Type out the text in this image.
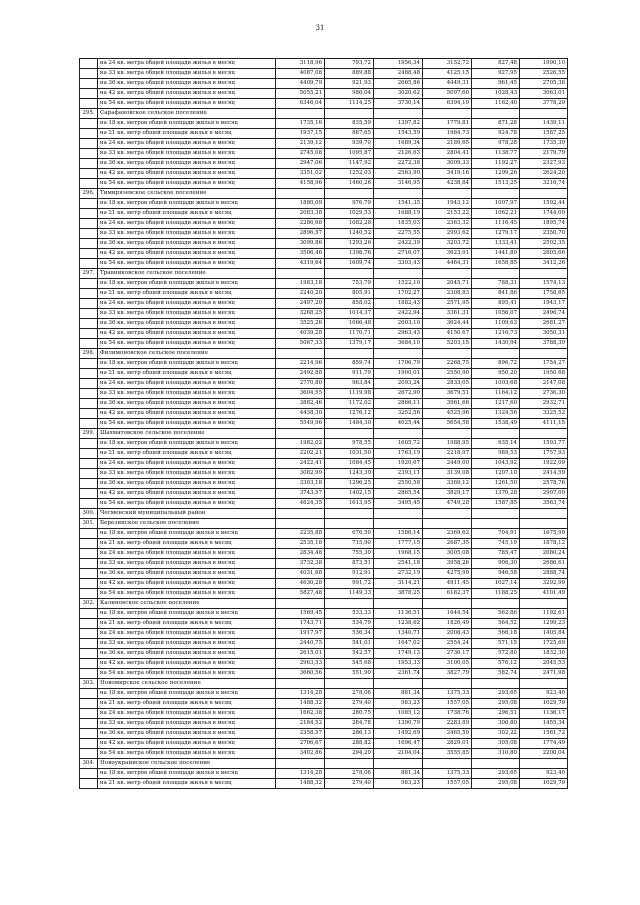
31
	на 24 кв. метра общей площади жилья в месяц	3118,96	793,72	1956,34	3152,72	827,48	1990,10
	на 33 кв. метра общей площади жилья в месяц	4087,08	889,88	2488,48	4125,15	927,95	2526,55
	на 36 кв. метра общей площади жилья в месяц	4409,79	921,93	2665,86	4449,31	961,45	2705,38
	на 42 кв. метра общей площади жилья в месяц	5055,21	986,04	3020,62	5097,60	1028,43	3063,01
	на 54 кв. метра общей площади жилья в месяц	6346,04	1114,25	3730,14	6394,19	1162,40	3778,29
295.	Сарафановское сельское поселение						
	на 18 кв. метров общей площади жилья в месяц	1735,16	835,59	1397,82	1779,81	871,28	1439,11
	на 21 кв. метр общей площади жилья в месяц	1937,15	887,65	1543,59	1984,73	924,78	1587,25
	на 24 кв. метра общей площади жилья в месяц	2139,12	939,70	1689,34	2189,65	978,28	1735,39
	на 33 кв. метра общей площади жилья в месяц	2745,08	1095,87	2126,63	2804,41	1138,77	2179,79
	на 36 кв. метра общей площади жилья в месяц	2947,06	1147,92	2272,38	3009,33	1192,27	2327,93
	на 42 кв. метра общей площади жилья в месяц	3351,02	1252,03	2563,90	3419,16	1299,26	2624,20
	на 54 кв. метра общей площади жилья в месяц	4158,96	1460,26	3146,95	4238,84	1513,25	3216,74
296.	Тимирязевское сельское поселение						
	на 18 кв. метров общей площади жилья в месяц	1880,09	976,79	1541,35	1943,12	1007,97	1592,44
	на 21 кв. метр общей площади жилья в месяц	2083,38	1029,53	1688,19	2153,22	1062,21	1744,09
	на 24 кв. метра общей площади жилья в месяц	2286,68	1082,28	1835,03	2363,32	1116,45	1895,74
	на 33 кв. метра общей площади жилья в месяц	2896,57	1240,52	2275,55	2993,62	1279,17	2350,70
	на 36 кв. метра общей площади жилья в месяц	3099,86	1293,26	2422,39	3203,72	1333,41	2502,35
	на 42 кв. метра общей площади жилья в месяц	3506,46	1398,76	2716,07	3623,91	1441,89	2805,66
	на 54 кв. метра общей площади жилья в месяц	4319,64	1609,74	3303,43	4464,31	1658,85	3412,26
297.	Травниковское сельское поселение						
	на 18 кв. метров общей площади жилья в месяц	1983,18	753,79	1522,10	2045,71	788,31	1574,13
	на 21 кв. метр общей площади жилья в месяц	2240,20	805,91	1702,27	2308,83	841,86	1758,65
	на 24 кв. метра общей площади жилья в месяц	2497,20	858,02	1882,43	2571,95	895,41	1943,17
	на 33 кв. метра общей площади жилья в месяц	3268,25	1014,37	2422,94	3361,31	1056,07	2496,74
	на 36 кв. метра общей площади жилья в месяц	3525,26	1066,48	2603,10	3624,44	1109,63	2681,27
	на 42 кв. метра общей площади жилья в месяц	4039,28	1170,71	2963,43	4150,67	1216,73	3050,31
	на 54 кв. метра общей площади жилья в месяц	5067,33	1379,17	3684,10	5203,15	1430,94	3788,39
298.	Филимоновское сельское поселение						
	на 18 кв. метров общей площади жилья в месяц	2214,96	859,74	1706,79	2268,75	896,72	1754,27
	на 21 кв. метр общей площади жилья в месяц	2492,88	911,79	1900,01	2550,90	950,20	1950,68
	на 24 кв. метра общей площади жилья в месяц	2770,80	963,84	2093,24	2833,05	1003,68	2147,08
	на 33 кв. метра общей площади жилья в месяц	3604,55	1119,98	2672,90	3679,51	1164,12	2736,30
	на 36 кв. метра общей площади жилья в месяц	3882,46	1172,02	2866,11	3961,66	1217,60	2932,71
	на 42 кв. метра общей площади жилья в месяц	4438,30	1276,12	3252,56	4525,96	1324,56	3325,52
	на 54 кв. метра общей площади жилья в месяц	5549,96	1484,30	4025,44	5654,58	1538,49	4111,15
299.	Шахматовское сельское поселение						
	на 18 кв. метров общей площади жилья в месяц	1982,02	978,55	1605,72	1988,95	935,14	1593,77
	на 21 кв. метр общей площади жилья в месяц	2202,21	1031,50	1763,19	2218,97	989,53	1757,93
	на 24 кв. метра общей площади жилья в месяц	2422,41	1084,45	1920,67	2449,00	1043,92	1922,09
	на 33 кв. метра общей площади жилья в месяц	3082,99	1243,30	2393,11	3139,08	1207,10	2414,59
	на 36 кв. метра общей площади жилья в месяц	3303,18	1296,25	2550,58	3369,12	1261,50	2578,76
	на 42 кв. метра общей площади жилья в месяц	3743,57	1402,15	2865,54	3829,17	1370,28	2907,09
	на 54 кв. метра общей площади жилья в месяц	4624,35	1613,95	3495,45	4749,28	1587,85	3563,74
300.	Чесменский муниципальный район						
301.	Березинское сельское поселение						
	на 18 кв. метров общей площади жилья в месяц	2235,88	676,50	1586,14	2369,62	704,91	1675,99
	на 21 кв. метр общей площади жилья в месяц	2535,18	715,90	1777,15	2687,35	745,19	1878,12
	на 24 кв. метра общей площади жилья в месяц	2834,48	755,30	1968,15	3005,08	785,47	2080,24
	на 33 кв. метра общей площади жилья в месяц	3732,38	873,51	2541,18	3958,26	906,30	2686,61
	на 36 кв. метра общей площади жилья в месяц	4031,68	912,91	2732,19	4275,99	946,58	2888,74
	на 42 кв. метра общей площади жилья в месяц	4630,28	991,72	3114,21	4911,45	1027,14	3292,99
	на 54 кв. метра общей площади жилья в месяц	5827,48	1149,33	3878,25	6182,37	1188,25	4101,49
302.	Калиновское сельское поселение						
	на 18 кв. метров общей площади жилья в месяц	1569,45	533,33	1136,51	1644,54	562,86	1192,61
	на 21 кв. метр общей площади жилья в месяц	1743,71	534,79	1238,62	1826,49	564,52	1299,23
	на 24 кв. метра общей площади жилья в месяц	1917,97	536,34	1340,71	2008,43	566,18	1405,84
	на 33 кв. метра общей площади жилья в месяц	2440,75	541,01	1647,02	2554,24	571,15	1725,69
	на 36 кв. метра общей площади жилья в месяц	2615,01	542,57	1749,13	2736,17	572,80	1832,30
	на 42 кв. метра общей площади жилья в месяц	2963,53	545,68	1953,33	3100,05	576,12	2045,53
	на 54 кв. метра общей площади жилья в месяц	3660,56	551,90	2361,74	3827,79	582,74	2471,98
303.	Новомирское сельское поселение						
	на 18 кв. метров общей площади жилья в месяц	1314,28	278,06	881,34	1375,33	293,65	923,40
	на 21 кв. метр общей площади жилья в месяц	1488,32	279,40	983,23	1557,05	295,08	1029,79
	на 24 кв. метра общей площади жилья в месяц	1662,38	280,75	1085,12	1738,76	296,51	1136,17
	на 33 кв. метра общей площади жилья в месяц	2184,52	284,78	1390,79	2283,89	300,80	1455,34
	на 36 кв. метра общей площади жилья в месяц	2358,57	286,13	1492,69	2465,59	302,22	1561,72
	на 42 кв. метра общей площади жилья в месяц	2706,67	288,82	1696,47	2829,01	305,08	1774,49
	на 54 кв. метра общей площади жилья в месяц	3402,86	294,20	2104,04	3555,85	310,80	2200,04
304.	Новоукраинское сельское поселение						
	на 18 кв. метров общей площади жилья в месяц	1314,28	278,06	881,34	1375,33	293,65	923,40
	на 21 кв. метр общей площади жилья в месяц	1488,32	279,40	983,23	1557,05	295,08	1029,79
